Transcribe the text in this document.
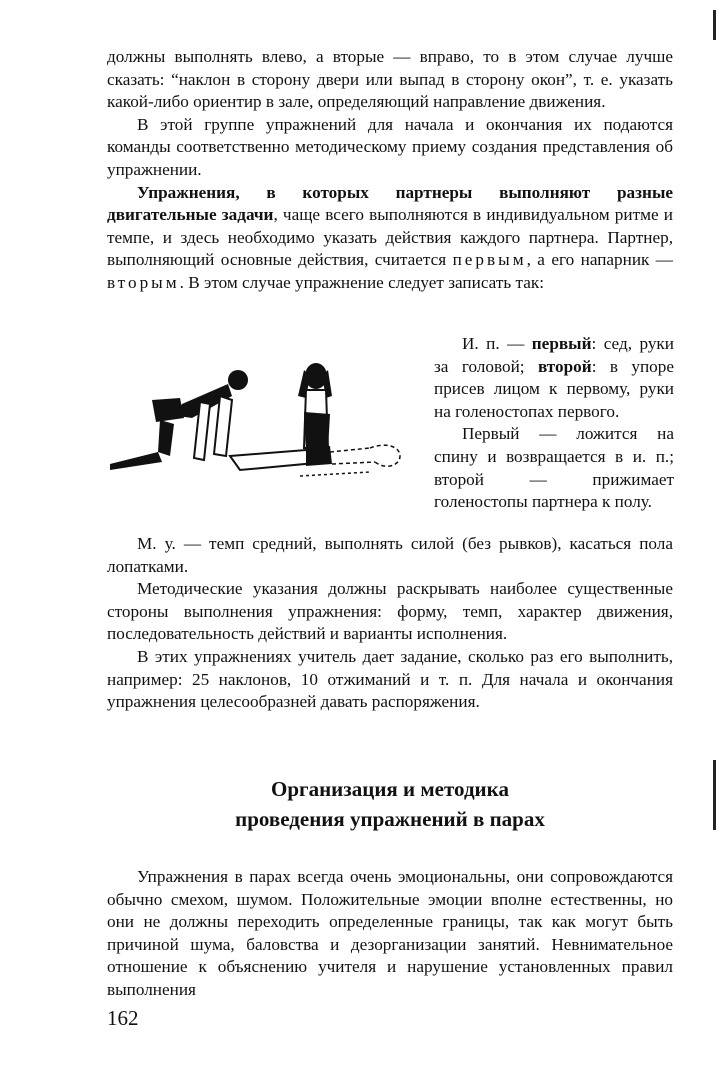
должны выполнять влево, а вторые — вправо, то в этом случае лучше сказать: “наклон в сторону двери или выпад в сторону окон”, т. е. указать какой-либо ориентир в зале, определяющий направление движения.

В этой группе упражнений для начала и окончания их подаются команды соответственно методическому приему создания представления об упражнении.

Упражнения, в которых партнеры выполняют разные двигательные задачи, чаще всего выполняются в индивидуальном ритме и темпе, и здесь необходимо указать действия каждого партнера. Партнер, выполняющий основные действия, считается первым, а его напарник — вторым. В этом случае упражнение следует записать так:

И. п. — первый: сед, руки за головой; второй: в упоре присев лицом к первому, руки на голеностопах первого.

Первый — ложится на спину и возвращается в и. п.; второй — прижимает голеностопы партнера к полу.

М. у. — темп средний, выполнять силой (без рывков), касаться пола лопатками.

Методические указания должны раскрывать наиболее существенные стороны выполнения упражнения: форму, темп, характер движения, последовательность действий и варианты исполнения.

В этих упражнениях учитель дает задание, сколько раз его выполнить, например: 25 наклонов, 10 отжиманий и т. п. Для начала и окончания упражнения целесообразней давать распоряжения.

Организация и методика
проведения упражнений в парах

Упражнения в парах всегда очень эмоциональны, они сопровождаются обычно смехом, шумом. Положительные эмоции вполне естественны, но они не должны переходить определенные границы, так как могут быть причиной шума, баловства и дезорганизации занятий. Невнимательное отношение к объяснению учителя и нарушение установленных правил выполнения

162
